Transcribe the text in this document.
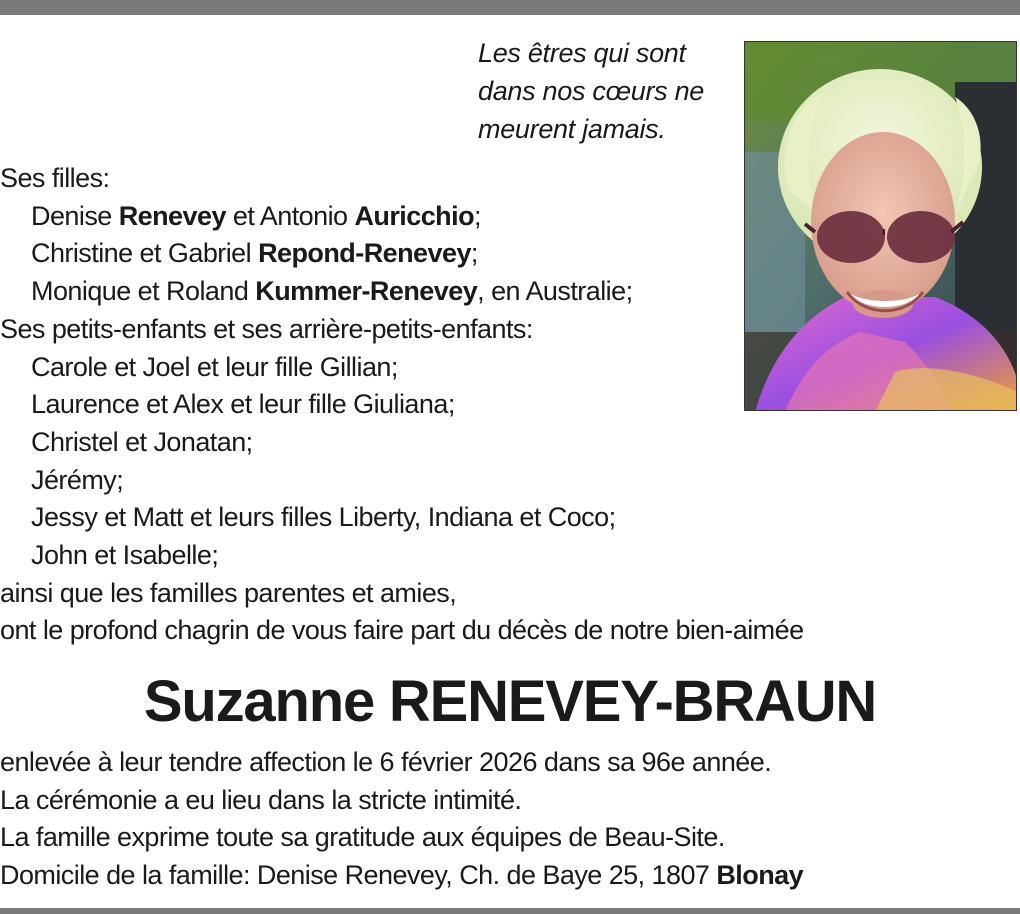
Les êtres qui sont
dans nos cœurs ne
meurent jamais.
Ses filles:
Denise Renevey et Antonio Auricchio;
Christine et Gabriel Repond-Renevey;
Monique et Roland Kummer-Renevey, en Australie;
Ses petits-enfants et ses arrière-petits-enfants:
Carole et Joel et leur fille Gillian;
Laurence et Alex et leur fille Giuliana;
Christel et Jonatan;
Jérémy;
Jessy et Matt et leurs filles Liberty, Indiana et Coco;
John et Isabelle;
ainsi que les familles parentes et amies,
ont le profond chagrin de vous faire part du décès de notre bien-aimée
Suzanne RENEVEY-BRAUN
enlevée à leur tendre affection le 6 février 2026 dans sa 96e année.
La cérémonie a eu lieu dans la stricte intimité.
La famille exprime toute sa gratitude aux équipes de Beau-Site.
Domicile de la famille: Denise Renevey, Ch. de Baye 25, 1807 Blonay
